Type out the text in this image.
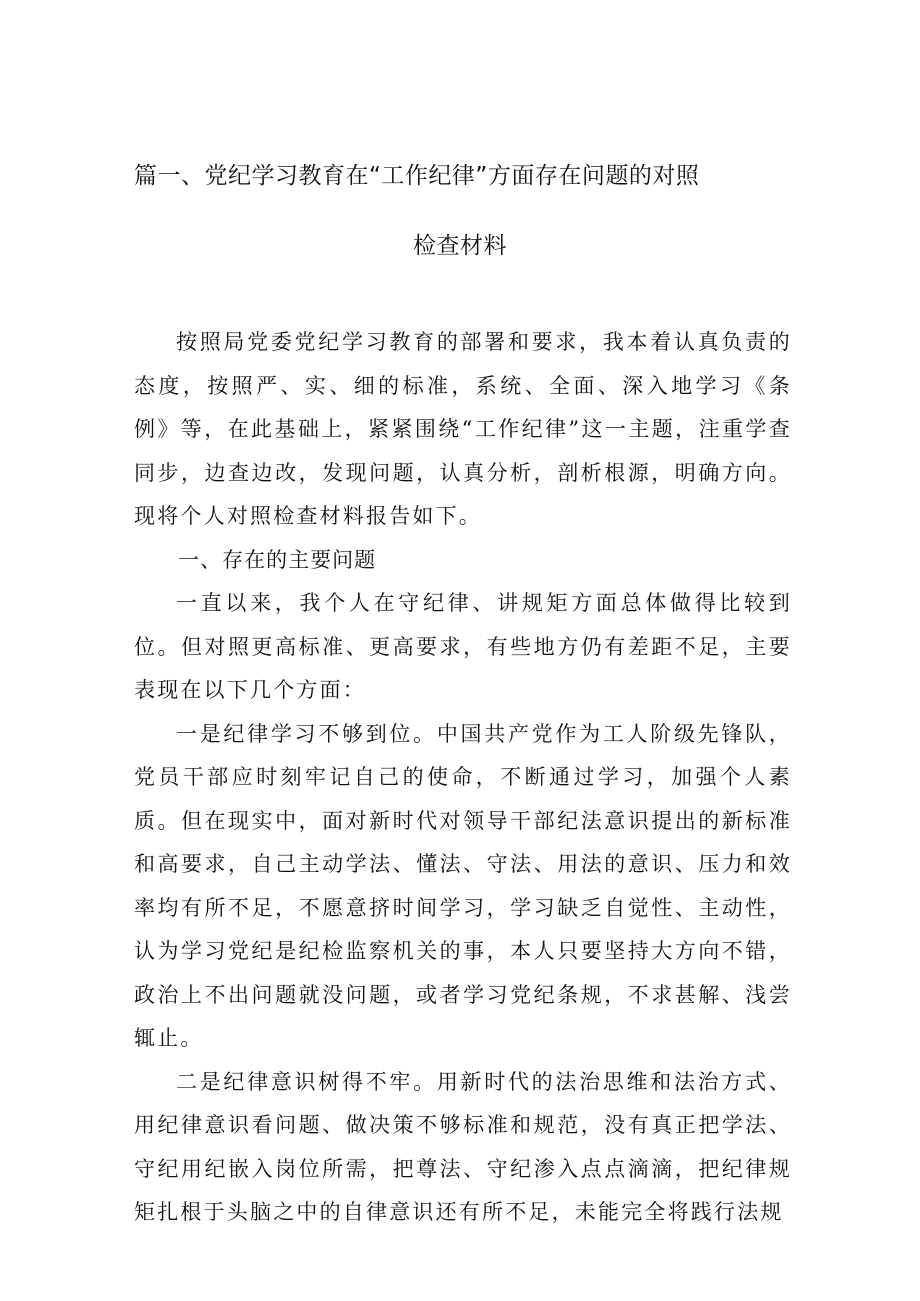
篇一、党纪学习教育在“工作纪律”方面存在问题的对照
检查材料

按照局党委党纪学习教育的部署和要求，我本着认真负责的态度，按照严、实、细的标准，系统、全面、深入地学习《条例》等，在此基础上，紧紧围绕“工作纪律”这一主题，注重学查同步，边查边改，发现问题，认真分析，剖析根源，明确方向。现将个人对照检查材料报告如下。

一、存在的主要问题

一直以来，我个人在守纪律、讲规矩方面总体做得比较到位。但对照更高标准、更高要求，有些地方仍有差距不足，主要表现在以下几个方面：

一是纪律学习不够到位。中国共产党作为工人阶级先锋队，党员干部应时刻牢记自己的使命，不断通过学习，加强个人素质。但在现实中，面对新时代对领导干部纪法意识提出的新标准和高要求，自己主动学法、懂法、守法、用法的意识、压力和效率均有所不足，不愿意挤时间学习，学习缺乏自觉性、主动性，认为学习党纪是纪检监察机关的事，本人只要坚持大方向不错，政治上不出问题就没问题，或者学习党纪条规，不求甚解、浅尝辄止。

二是纪律意识树得不牢。用新时代的法治思维和法治方式、用纪律意识看问题、做决策不够标准和规范，没有真正把学法、守纪用纪嵌入岗位所需，把尊法、守纪渗入点点滴滴，把纪律规矩扎根于头脑之中的自律意识还有所不足，未能完全将践行法规
